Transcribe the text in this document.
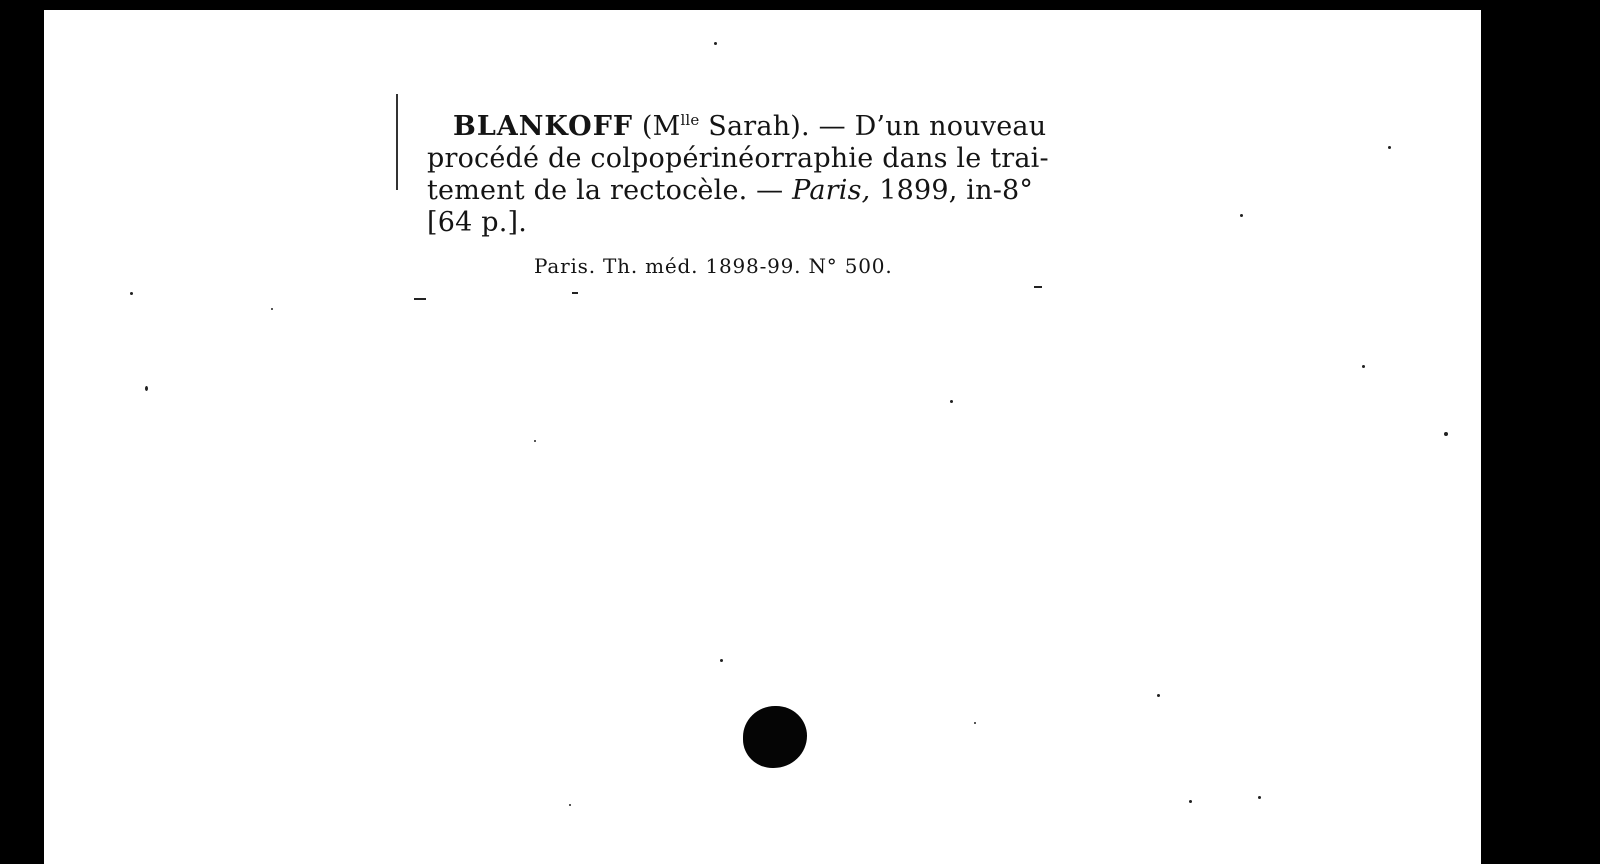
BLANKOFF ($M^{lle}$ Sarah). — D’un nouveau
procédé de colpopérinéorraphie dans le trai-
tement de la rectocèle. — Paris, 1899, in-8°
[64 p.].
Paris. Th. méd. 1898-99. N° 500.
